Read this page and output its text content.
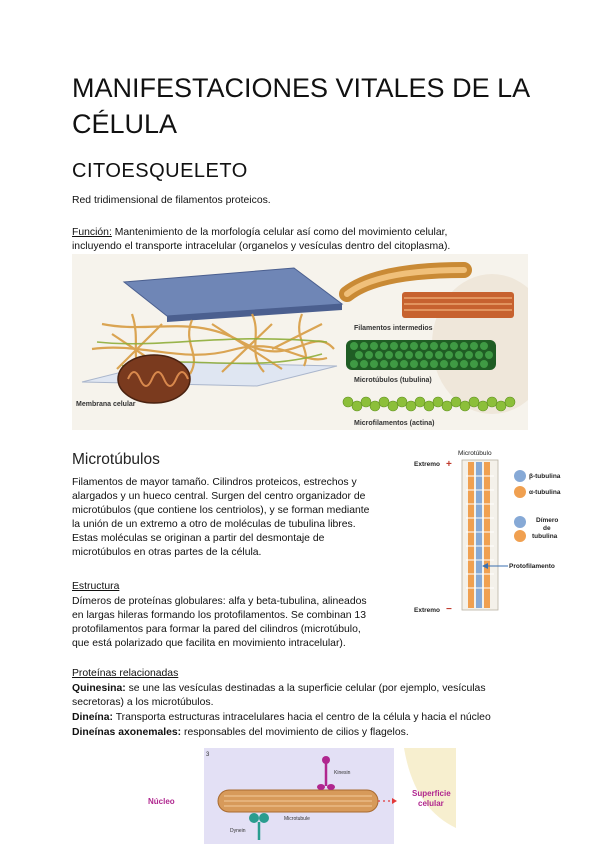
MANIFESTACIONES VITALES DE LA CÉLULA
CITOESQUELETO

Red tridimensional de filamentos proteicos.

Función: Mantenimiento de la morfología celular así como del movimiento celular,

incluyendo el transporte intracelular (organelos y vesículas dentro del citoplasma).

Filamentos intermedios
Microtúbulos (tubulina)
Membrana celular
Microfilamentos (actina)
Microtúbulos

Filamentos de mayor tamaño. Cilindros proteicos, estrechos y

alargados y un hueco central. Surgen del centro organizador de

microtúbulos (que contiene los centriolos), y se forman mediante

la unión de un extremo a otro de moléculas de tubulina libres.

Estas moléculas se originan a partir del desmontaje de

microtúbulos en otras partes de la célula.

Estructura

Dímeros de proteínas globulares: alfa y beta-tubulina, alineados

en largas hileras formando los protofilamentos. Se combinan 13

protofilamentos para formar la pared del cilindros (microtúbulo,

que está polarizado que facilita en movimiento intracelular).

Microtúbulo
Extremo +
Extremo −
β-tubulina
α-tubulina
Dímero
de
tubulina
Protofilamento

Proteínas relacionadas

Quinesina: se une las vesículas destinadas a la superficie celular (por ejemplo, vesículas

secretoras) a los microtúbulos.

Dineína: Transporta estructuras intracelulares hacia el centro de la célula y hacia el núcleo

Dineínas axonemales: responsables del movimiento de cilios y flagelos.

3
Núcleo
Superficie
celular
Kinesin
Microtubule
Dynein
